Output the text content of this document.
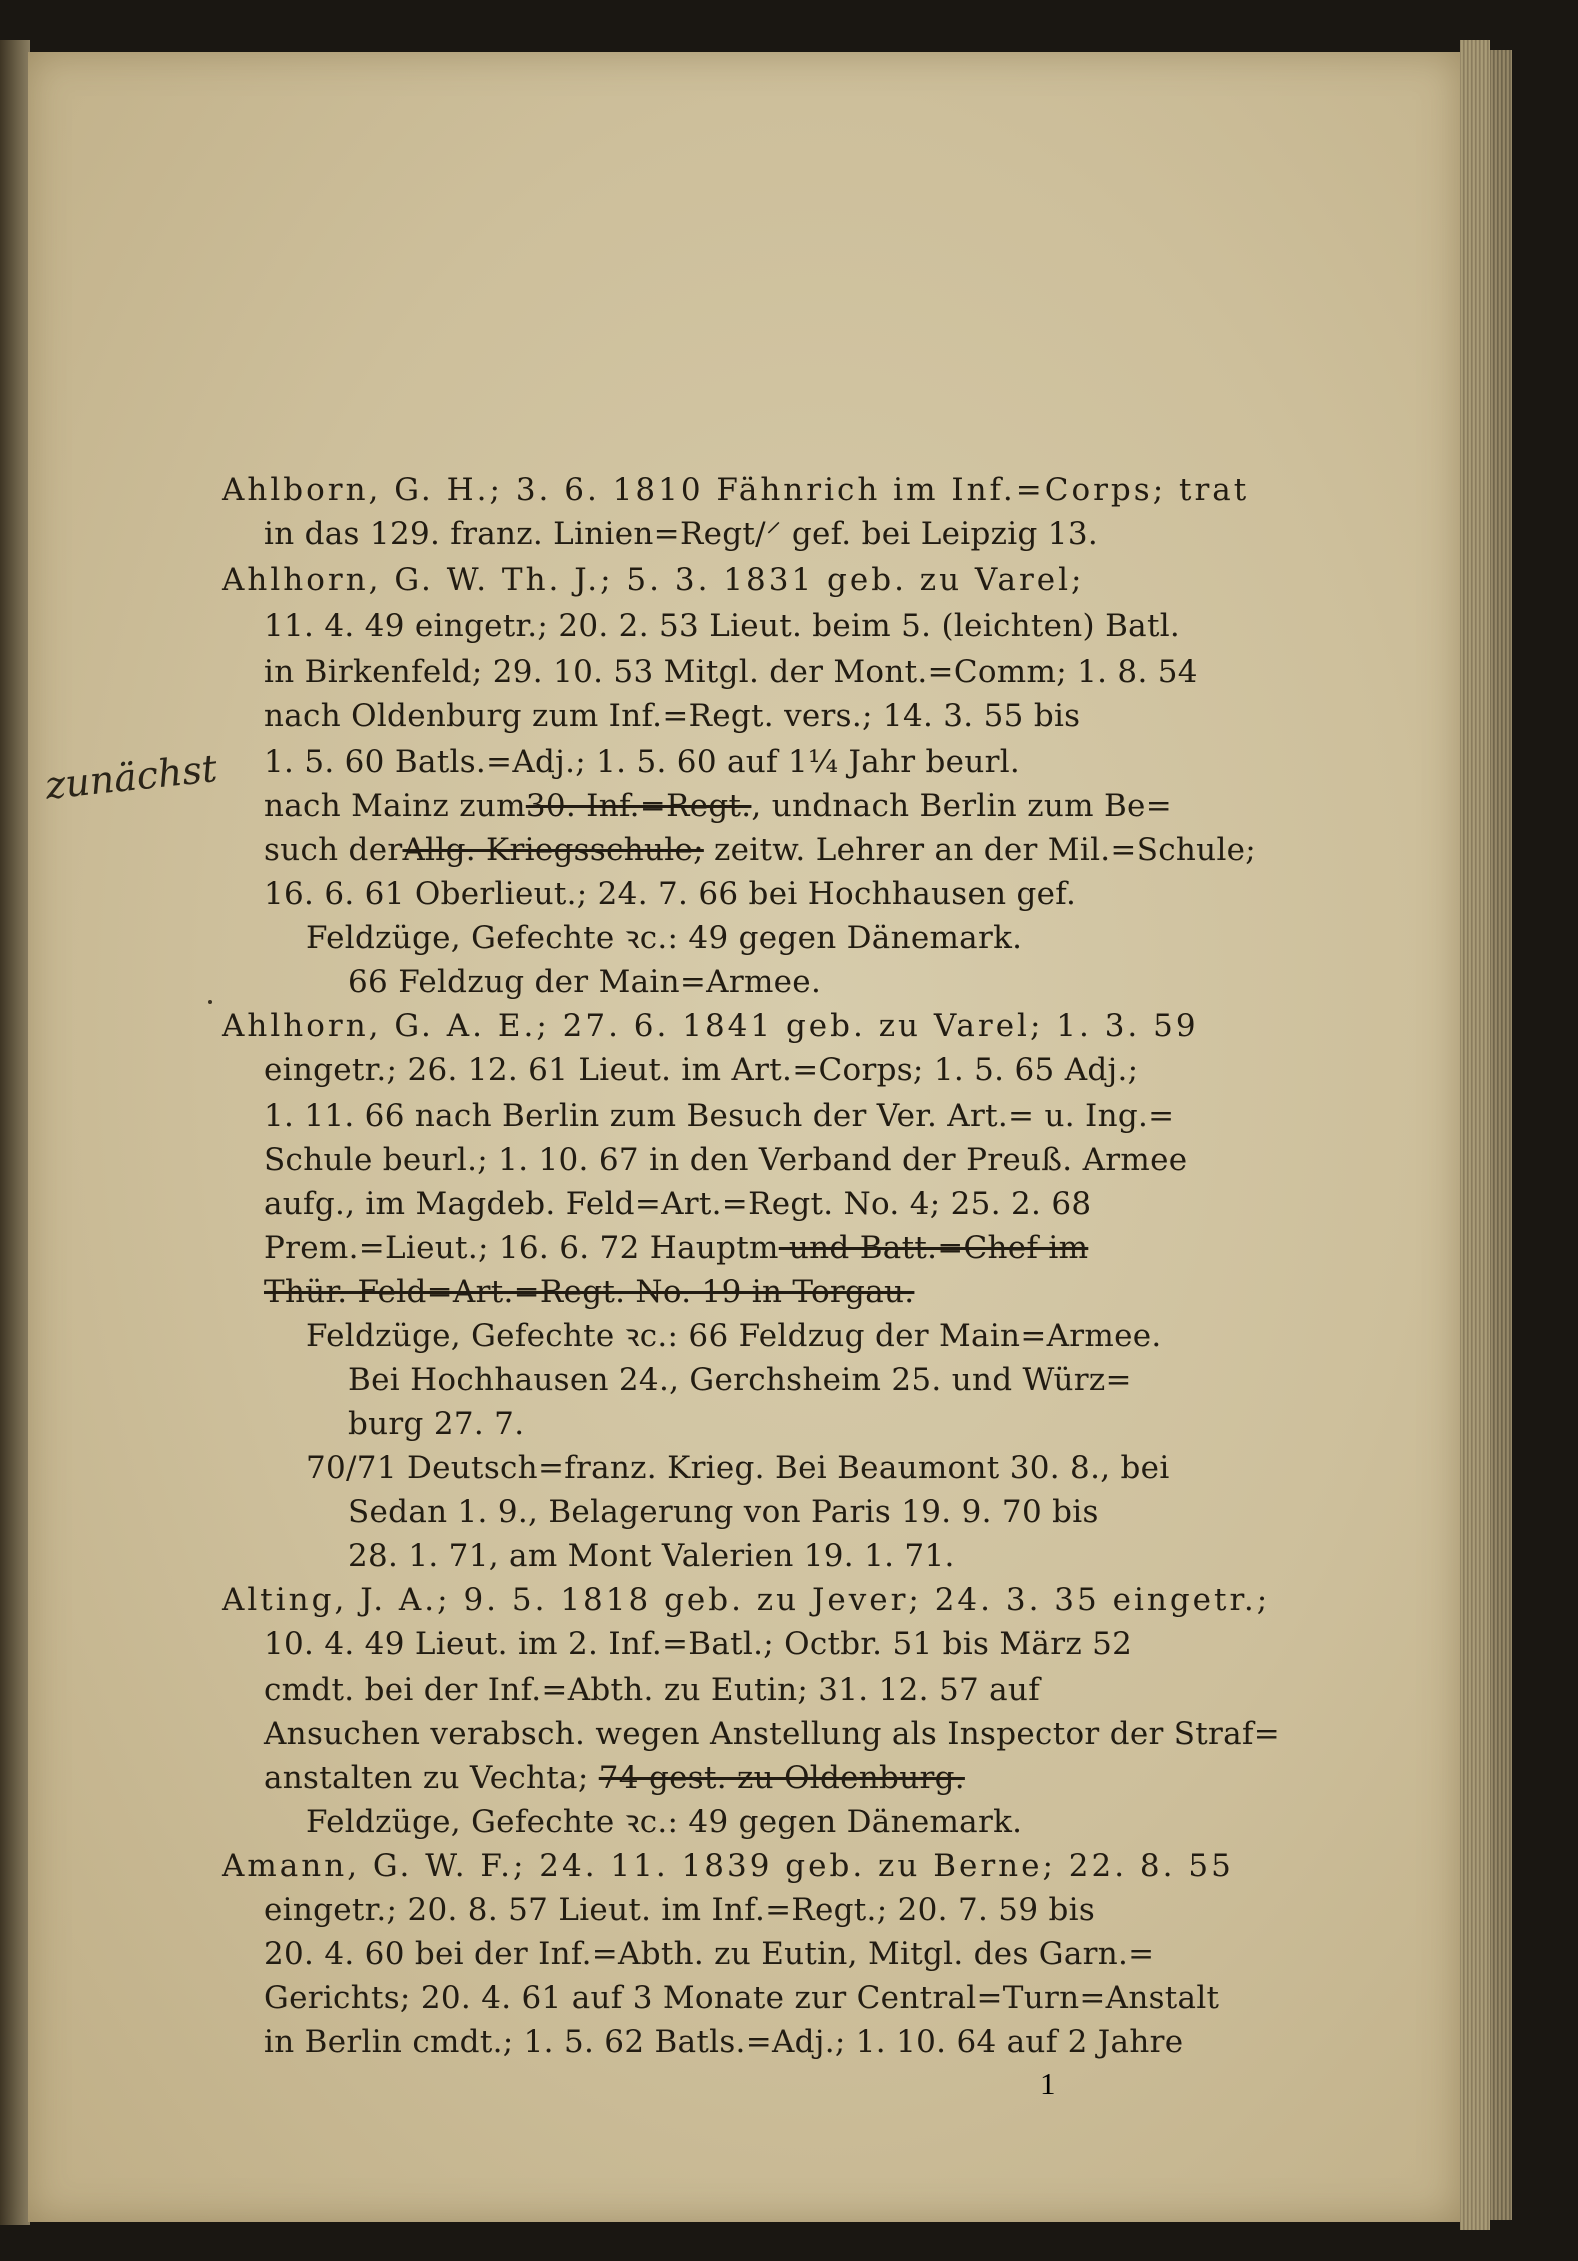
Ahlborn, G. H.; 3. 6. 1810 Fähnrich im Inf.=Corps; trat
in das 129. franz. Linien=Regt/⸍ gef. bei Leipzig 13.
Ahlhorn, G. W. Th. J.; 5. 3. 1831 geb. zu Varel;
11. 4. 49 eingetr.; 20. 2. 53 Lieut. beim 5. (leichten) Batl.
in Birkenfeld; 29. 10. 53 Mitgl. der Mont.=Comm; 1. 8. 54
nach Oldenburg zum Inf.=Regt. vers.; 14. 3. 55 bis
1. 5. 60 Batls.=Adj.; 1. 5. 60 auf 1¼ Jahr beurl.
nach Mainz zum30. Inf.=Regt., undnach Berlin zum Be=
such derAllg. Kriegsschule; zeitw. Lehrer an der Mil.=Schule;
16. 6. 61 Oberlieut.; 24. 7. 66 bei Hochhausen gef.
Feldzüge, Gefechte ꝛc.: 49 gegen Dänemark.
66 Feldzug der Main=Armee.
Ahlhorn, G. A. E.; 27. 6. 1841 geb. zu Varel; 1. 3. 59
eingetr.; 26. 12. 61 Lieut. im Art.=Corps; 1. 5. 65 Adj.;
1. 11. 66 nach Berlin zum Besuch der Ver. Art.= u. Ing.=
Schule beurl.; 1. 10. 67 in den Verband der Preuß. Armee
aufg., im Magdeb. Feld=Art.=Regt. No. 4; 25. 2. 68
Prem.=Lieut.; 16. 6. 72 Hauptm und Batt.=Chef im
Thür. Feld=Art.=Regt. No. 19 in Torgau.
Feldzüge, Gefechte ꝛc.: 66 Feldzug der Main=Armee.
Bei Hochhausen 24., Gerchsheim 25. und Würz=
burg 27. 7.
70/71 Deutsch=franz. Krieg. Bei Beaumont 30. 8., bei
Sedan 1. 9., Belagerung von Paris 19. 9. 70 bis
28. 1. 71, am Mont Valerien 19. 1. 71.
Alting, J. A.; 9. 5. 1818 geb. zu Jever; 24. 3. 35 eingetr.;
10. 4. 49 Lieut. im 2. Inf.=Batl.; Octbr. 51 bis März 52
cmdt. bei der Inf.=Abth. zu Eutin; 31. 12. 57 auf
Ansuchen verabsch. wegen Anstellung als Inspector der Straf=
anstalten zu Vechta; 74 gest. zu Oldenburg.
Feldzüge, Gefechte ꝛc.: 49 gegen Dänemark.
Amann, G. W. F.; 24. 11. 1839 geb. zu Berne; 22. 8. 55
eingetr.; 20. 8. 57 Lieut. im Inf.=Regt.; 20. 7. 59 bis
20. 4. 60 bei der Inf.=Abth. zu Eutin, Mitgl. des Garn.=
Gerichts; 20. 4. 61 auf 3 Monate zur Central=Turn=Anstalt
in Berlin cmdt.; 1. 5. 62 Batls.=Adj.; 1. 10. 64 auf 2 Jahre
zunächst
1
